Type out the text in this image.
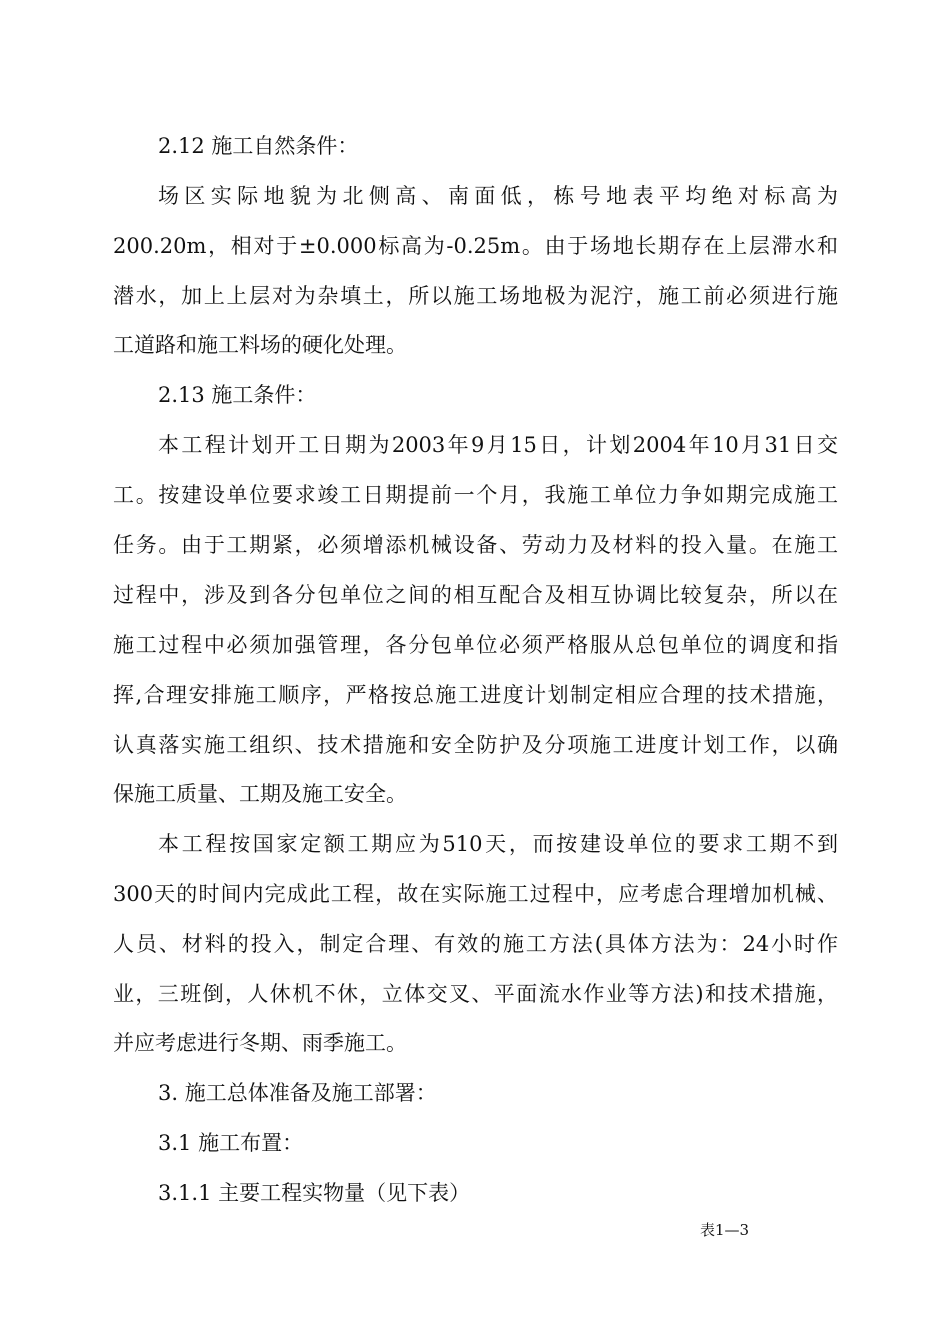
2.12 施工自然条件：
场区实际地貌为北侧高、南面低，栋号地表平均绝对标高为
200.20m，相对于±0.000标高为-0.25m。由于场地长期存在上层滞水和
潜水，加上上层对为杂填土，所以施工场地极为泥泞，施工前必须进行施
工道路和施工料场的硬化处理。
2.13 施工条件：
本工程计划开工日期为2003年9月15日，计划2004年10月31日交
工。按建设单位要求竣工日期提前一个月，我施工单位力争如期完成施工
任务。由于工期紧，必须增添机械设备、劳动力及材料的投入量。在施工
过程中，涉及到各分包单位之间的相互配合及相互协调比较复杂，所以在
施工过程中必须加强管理，各分包单位必须严格服从总包单位的调度和指
挥,合理安排施工顺序，严格按总施工进度计划制定相应合理的技术措施，
认真落实施工组织、技术措施和安全防护及分项施工进度计划工作，以确
保施工质量、工期及施工安全。
本工程按国家定额工期应为510天，而按建设单位的要求工期不到
300天的时间内完成此工程，故在实际施工过程中，应考虑合理增加机械、
人员、材料的投入，制定合理、有效的施工方法(具体方法为：24小时作
业，三班倒，人休机不休，立体交叉、平面流水作业等方法)和技术措施，
并应考虑进行冬期、雨季施工。
3. 施工总体准备及施工部署：
3.1 施工布置：
3.1.1 主要工程实物量（见下表）
表1—3
